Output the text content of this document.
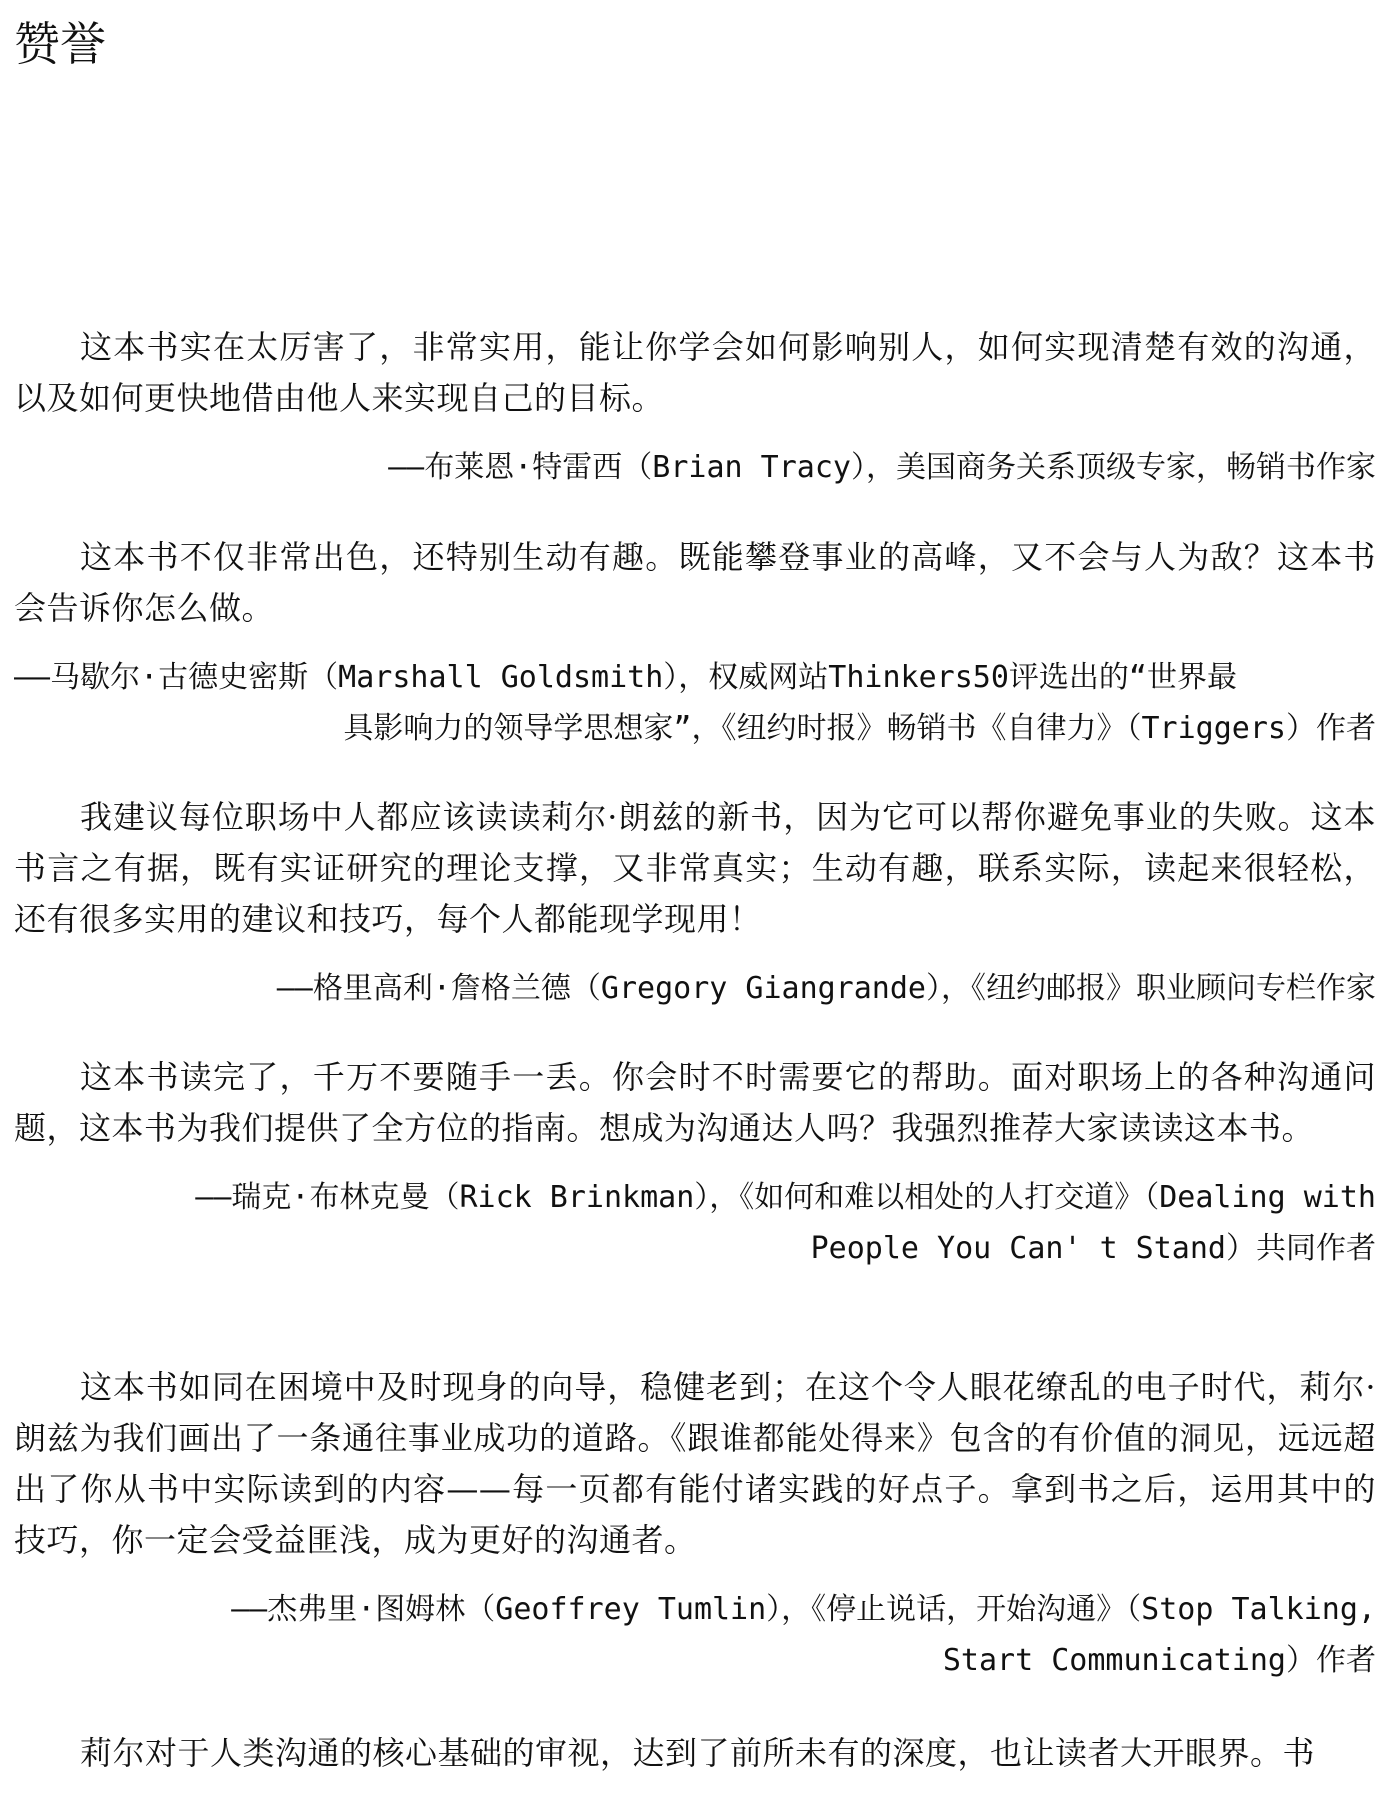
赞誉

这本书实在太厉害了，非常实用，能让你学会如何影响别人，如何实现清楚有效的沟通，以及如何更快地借由他人来实现自己的目标。

——布莱恩·特雷西（Brian Tracy），美国商务关系顶级专家，畅销书作家

这本书不仅非常出色，还特别生动有趣。既能攀登事业的高峰，又不会与人为敌？这本书会告诉你怎么做。

——马歇尔·古德史密斯（Marshall Goldsmith），权威网站Thinkers50评选出的“世界最
具影响力的领导学思想家”，《纽约时报》畅销书《自律力》（Triggers）作者

我建议每位职场中人都应该读读莉尔·朗兹的新书，因为它可以帮你避免事业的失败。这本书言之有据，既有实证研究的理论支撑，又非常真实；生动有趣，联系实际，读起来很轻松，还有很多实用的建议和技巧，每个人都能现学现用！

——格里高利·詹格兰德（Gregory Giangrande），《纽约邮报》职业顾问专栏作家

这本书读完了，千万不要随手一丢。你会时不时需要它的帮助。面对职场上的各种沟通问题，这本书为我们提供了全方位的指南。想成为沟通达人吗？我强烈推荐大家读读这本书。

——瑞克·布林克曼（Rick Brinkman），《如何和难以相处的人打交道》（Dealing with
People You Can' t Stand）共同作者

这本书如同在困境中及时现身的向导，稳健老到；在这个令人眼花缭乱的电子时代，莉尔·朗兹为我们画出了一条通往事业成功的道路。《跟谁都能处得来》包含的有价值的洞见，远远超出了你从书中实际读到的内容——每一页都有能付诸实践的好点子。拿到书之后，运用其中的技巧，你一定会受益匪浅，成为更好的沟通者。

——杰弗里·图姆林（Geoffrey Tumlin），《停止说话，开始沟通》（Stop Talking,
Start Communicating）作者

莉尔对于人类沟通的核心基础的审视，达到了前所未有的深度，也让读者大开眼界。书
